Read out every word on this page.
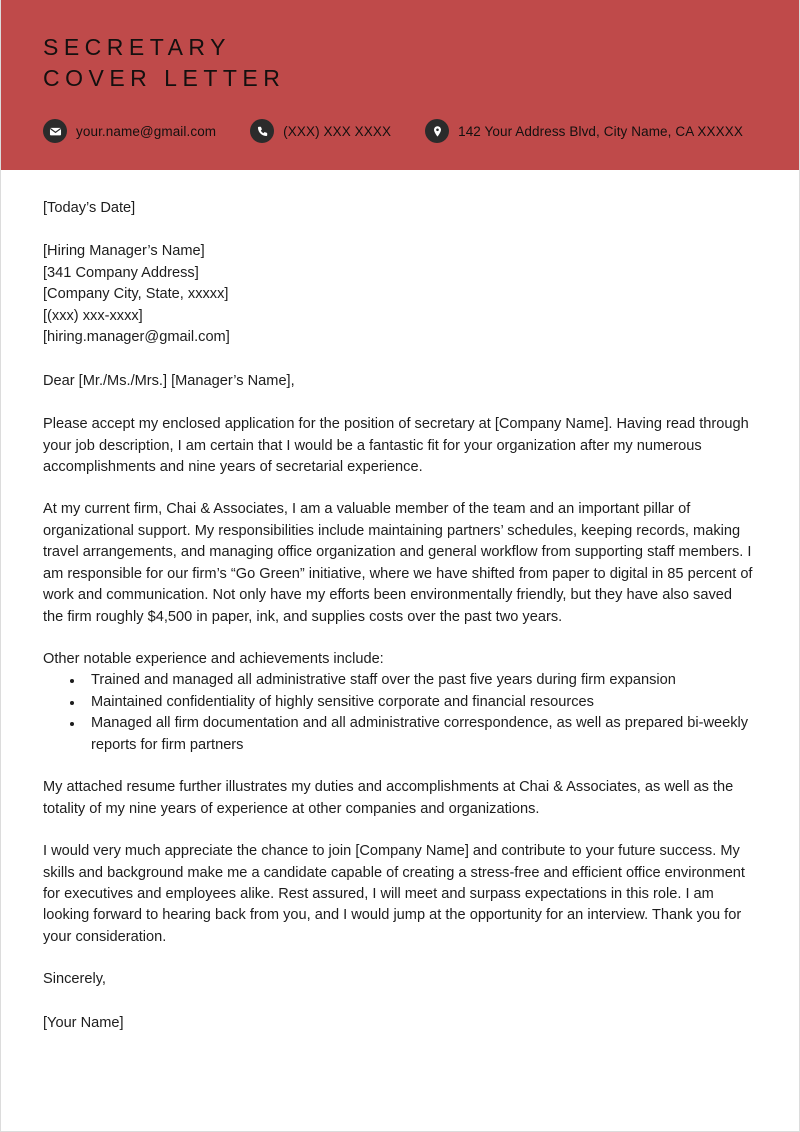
SECRETARY
COVER LETTER
your.name@gmail.com	(XXX) XXX XXXX	142 Your Address Blvd, City Name, CA XXXXX
[Today’s Date]
[Hiring Manager’s Name]
[341 Company Address]
[Company City, State, xxxxx]
[(xxx) xxx-xxxx]
[hiring.manager@gmail.com]
Dear [Mr./Ms./Mrs.] [Manager’s Name],

Please accept my enclosed application for the position of secretary at [Company Name]. Having read through your job description, I am certain that I would be a fantastic fit for your organization after my numerous accomplishments and nine years of secretarial experience.

At my current firm, Chai & Associates, I am a valuable member of the team and an important pillar of organizational support. My responsibilities include maintaining partners’ schedules, keeping records, making travel arrangements, and managing office organization and general workflow from supporting staff members. I am responsible for our firm’s “Go Green” initiative, where we have shifted from paper to digital in 85 percent of work and communication. Not only have my efforts been environmentally friendly, but they have also saved the firm roughly $4,500 in paper, ink, and supplies costs over the past two years.

Other notable experience and achievements include:
Trained and managed all administrative staff over the past five years during firm expansion
Maintained confidentiality of highly sensitive corporate and financial resources
Managed all firm documentation and all administrative correspondence, as well as prepared bi-weekly reports for firm partners

My attached resume further illustrates my duties and accomplishments at Chai & Associates, as well as the totality of my nine years of experience at other companies and organizations.

I would very much appreciate the chance to join [Company Name] and contribute to your future success. My skills and background make me a candidate capable of creating a stress-free and efficient office environment for executives and employees alike. Rest assured, I will meet and surpass expectations in this role. I am looking forward to hearing back from you, and I would jump at the opportunity for an interview. Thank you for your consideration.

Sincerely,
[Your Name]
